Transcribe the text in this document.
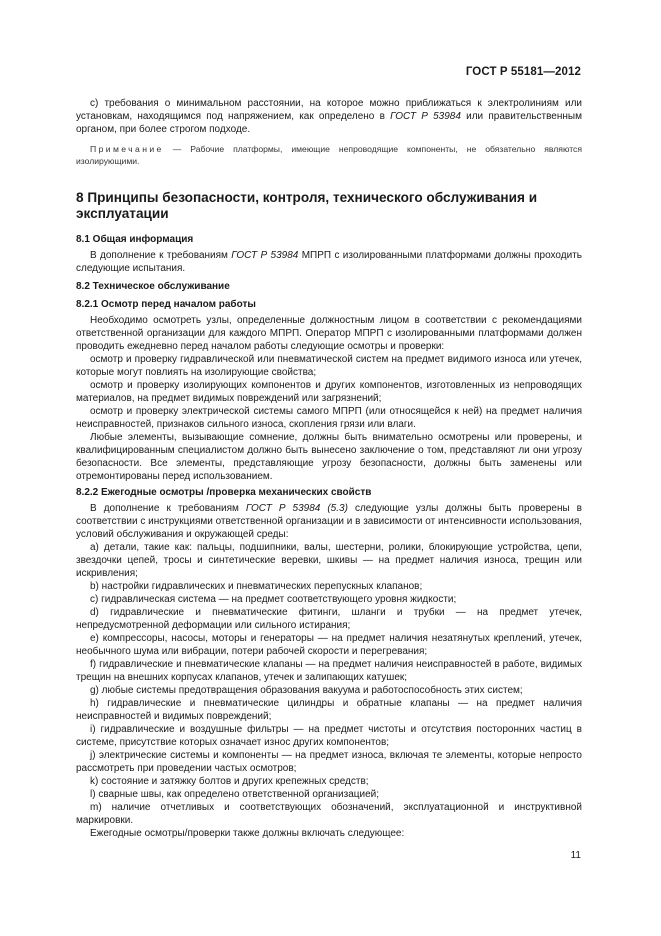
ГОСТ Р 55181—2012

c) требования о минимальном расстоянии, на которое можно приближаться к электролиниям или установкам, находящимся под напряжением, как определено в ГОСТ Р 53984 или правительственным органом, при более строгом подходе.

Примечание — Рабочие платформы, имеющие непроводящие компоненты, не обязательно являются изолирующими.

8 Принципы безопасности, контроля, технического обслуживания и эксплуатации
8.1 Общая информация

В дополнение к требованиям ГОСТ Р 53984 МПРП с изолированными платформами должны проходить следующие испытания.

8.2 Техническое обслуживание
8.2.1 Осмотр перед началом работы

Необходимо осмотреть узлы, определенные должностным лицом в соответствии с рекомендациями ответственной организации для каждого МПРП. Оператор МПРП с изолированными платформами должен проводить ежедневно перед началом работы следующие осмотры и проверки:

осмотр и проверку гидравлической или пневматической систем на предмет видимого износа или утечек, которые могут повлиять на изолирующие свойства;

осмотр и проверку изолирующих компонентов и других компонентов, изготовленных из непроводящих материалов, на предмет видимых повреждений или загрязнений;

осмотр и проверку электрической системы самого МПРП (или относящейся к ней) на предмет наличия неисправностей, признаков сильного износа, скопления грязи или влаги.

Любые элементы, вызывающие сомнение, должны быть внимательно осмотрены или проверены, и квалифицированным специалистом должно быть вынесено заключение о том, представляют ли они угрозу безопасности. Все элементы, представляющие угрозу безопасности, должны быть заменены или отремонтированы перед использованием.

8.2.2 Ежегодные осмотры /проверка механических свойств

В дополнение к требованиям ГОСТ Р 53984 (5.3) следующие узлы должны быть проверены в соответствии с инструкциями ответственной организации и в зависимости от интенсивности использования, условий обслуживания и окружающей среды:

а) детали, такие как: пальцы, подшипники, валы, шестерни, ролики, блокирующие устройства, цепи, звездочки цепей, тросы и синтетические веревки, шкивы — на предмет наличия износа, трещин или искривления;

b) настройки гидравлических и пневматических перепускных клапанов;

c) гидравлическая система — на предмет соответствующего уровня жидкости;

d) гидравлические и пневматические фитинги, шланги и трубки — на предмет утечек, непредусмотренной деформации или сильного истирания;

e) компрессоры, насосы, моторы и генераторы — на предмет наличия незатянутых креплений, утечек, необычного шума или вибрации, потери рабочей скорости и перегревания;

f) гидравлические и пневматические клапаны — на предмет наличия неисправностей в работе, видимых трещин на внешних корпусах клапанов, утечек и залипающих катушек;

g) любые системы предотвращения образования вакуума и работоспособность этих систем;

h) гидравлические и пневматические цилиндры и обратные клапаны — на предмет наличия неисправностей и видимых повреждений;

i) гидравлические и воздушные фильтры — на предмет чистоты и отсутствия посторонних частиц в системе, присутствие которых означает износ других компонентов;

j) электрические системы и компоненты — на предмет износа, включая те элементы, которые непросто рассмотреть при проведении частых осмотров;

k) состояние и затяжку болтов и других крепежных средств;

l) сварные швы, как определено ответственной организацией;

m) наличие отчетливых и соответствующих обозначений, эксплуатационной и инструктивной маркировки.

Ежегодные осмотры/проверки также должны включать следующее:

11
